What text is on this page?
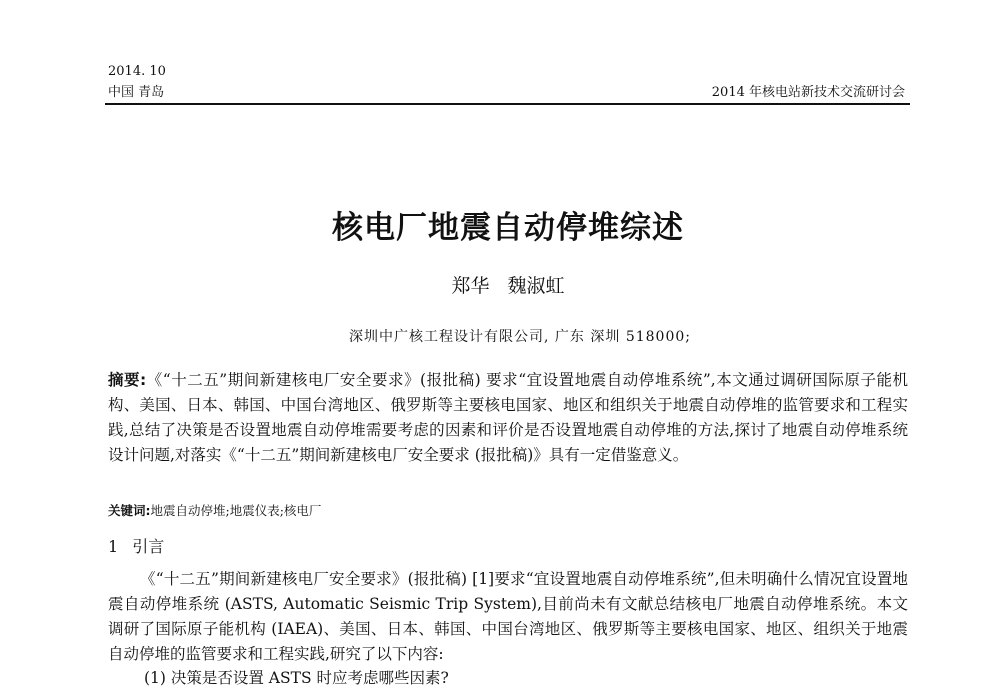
2014. 10
中国 青岛	2014 年核电站新技术交流研讨会
核电厂地震自动停堆综述
郑华 魏淑虹
深圳中广核工程设计有限公司, 广东 深圳 518000;
摘要:《“十二五”期间新建核电厂安全要求》(报批稿) 要求“宜设置地震自动停堆系统”,本文通过调研国际原子能机构、美国、日本、韩国、中国台湾地区、俄罗斯等主要核电国家、地区和组织关于地震自动停堆的监管要求和工程实践,总结了决策是否设置地震自动停堆需要考虑的因素和评价是否设置地震自动停堆的方法,探讨了地震自动停堆系统设计问题,对落实《“十二五”期间新建核电厂安全要求 (报批稿)》具有一定借鉴意义。
关键词:地震自动停堆;地震仪表;核电厂
1 引言
《“十二五”期间新建核电厂安全要求》(报批稿) [1]要求“宜设置地震自动停堆系统”,但未明确什么情况宜设置地震自动停堆系统 (ASTS, Automatic Seismic Trip System),目前尚未有文献总结核电厂地震自动停堆系统。本文调研了国际原子能机构 (IAEA)、美国、日本、韩国、中国台湾地区、俄罗斯等主要核电国家、地区、组织关于地震自动停堆的监管要求和工程实践,研究了以下内容:
(1) 决策是否设置 ASTS 时应考虑哪些因素?
